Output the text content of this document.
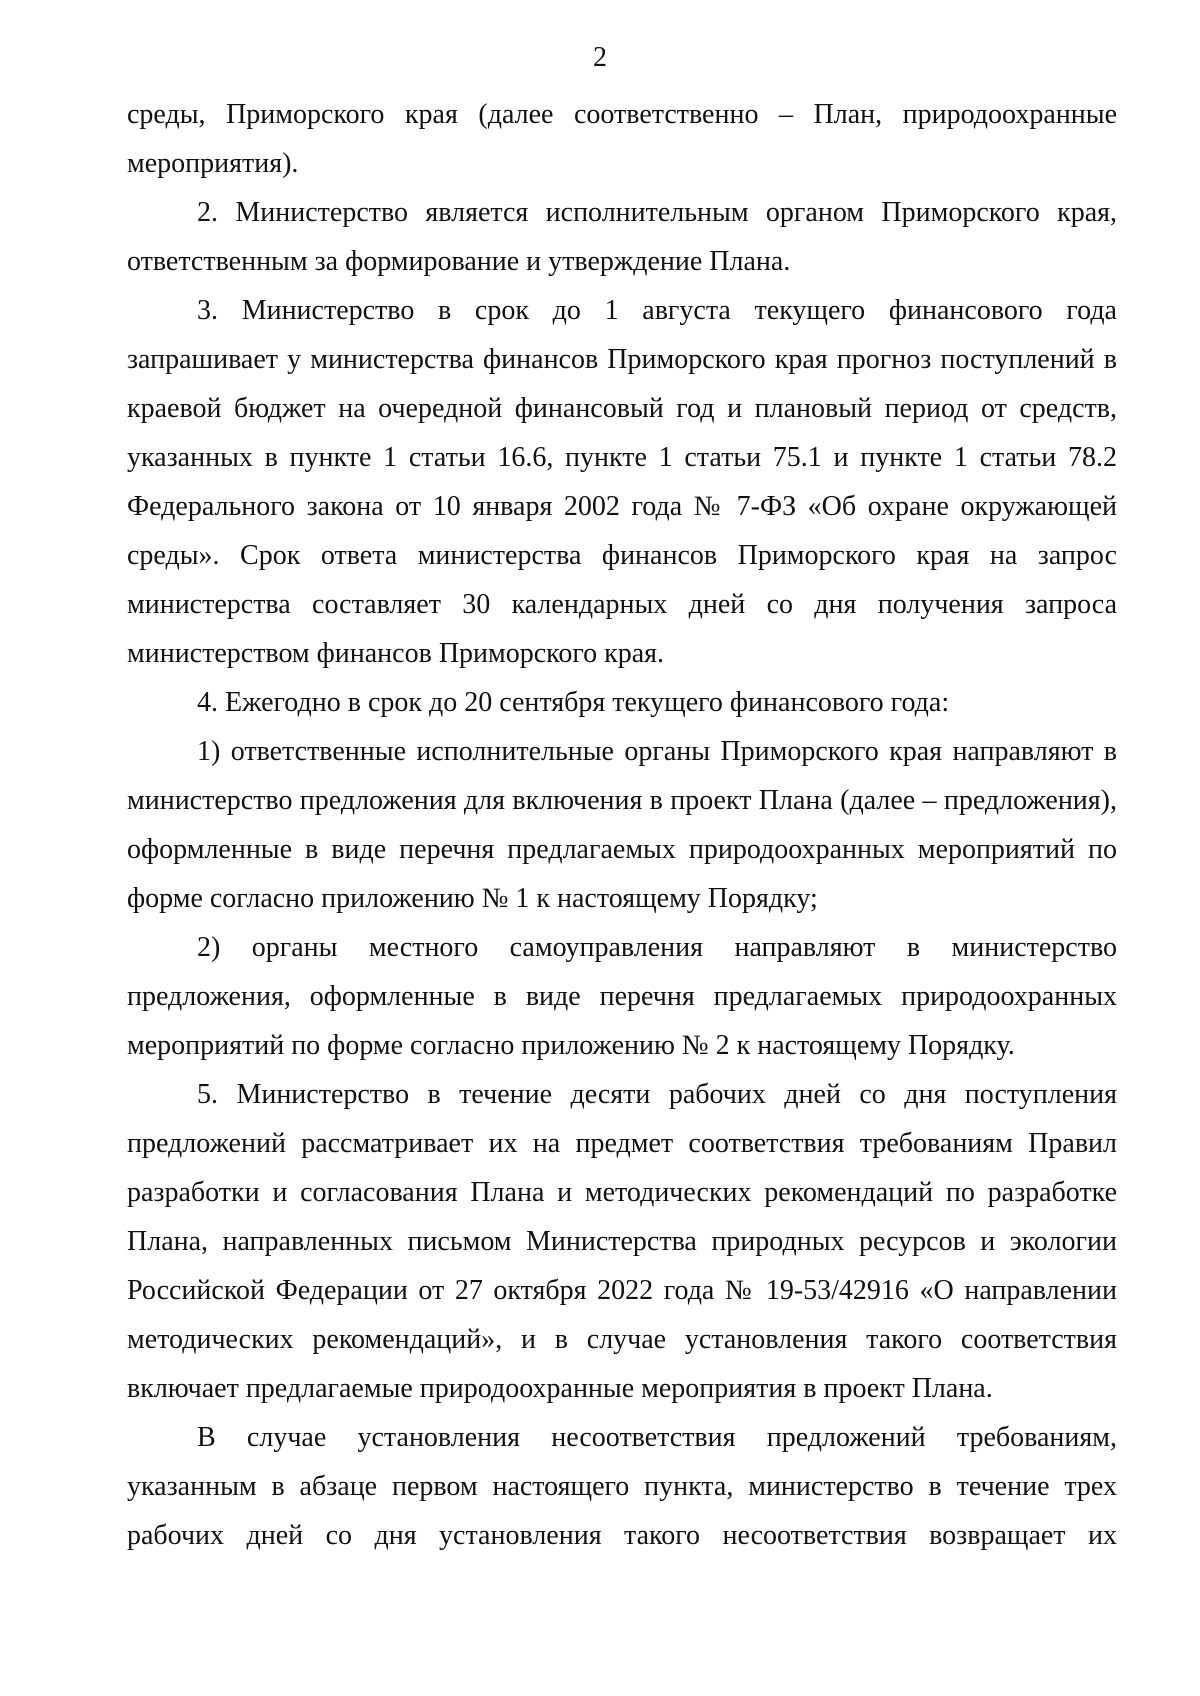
2

среды, Приморского края (далее соответственно – План, природоохранные мероприятия).

2. Министерство является исполнительным органом Приморского края, ответственным за формирование и утверждение Плана.

3. Министерство в срок до 1 августа текущего финансового года запрашивает у министерства финансов Приморского края прогноз поступлений в краевой бюджет на очередной финансовый год и плановый период от средств, указанных в пункте 1 статьи 16.6, пункте 1 статьи 75.1 и пункте 1 статьи 78.2 Федерального закона от 10 января 2002 года № 7-ФЗ «Об охране окружающей среды». Срок ответа министерства финансов Приморского края на запрос министерства составляет 30 календарных дней со дня получения запроса министерством финансов Приморского края.

4. Ежегодно в срок до 20 сентября текущего финансового года:

1) ответственные исполнительные органы Приморского края направляют в министерство предложения для включения в проект Плана (далее – предложения), оформленные в виде перечня предлагаемых природоохранных мероприятий по форме согласно приложению № 1 к настоящему Порядку;

2) органы местного самоуправления направляют в министерство предложения, оформленные в виде перечня предлагаемых природоохранных мероприятий по форме согласно приложению № 2 к настоящему Порядку.

5. Министерство в течение десяти рабочих дней со дня поступления предложений рассматривает их на предмет соответствия требованиям Правил разработки и согласования Плана и методических рекомендаций по разработке Плана, направленных письмом Министерства природных ресурсов и экологии Российской Федерации от 27 октября 2022 года № 19-53/42916 «О направлении методических рекомендаций», и в случае установления такого соответствия включает предлагаемые природоохранные мероприятия в проект Плана.

В случае установления несоответствия предложений требованиям, указанным в абзаце первом настоящего пункта, министерство в течение трех рабочих дней со дня установления такого несоответствия возвращает их
